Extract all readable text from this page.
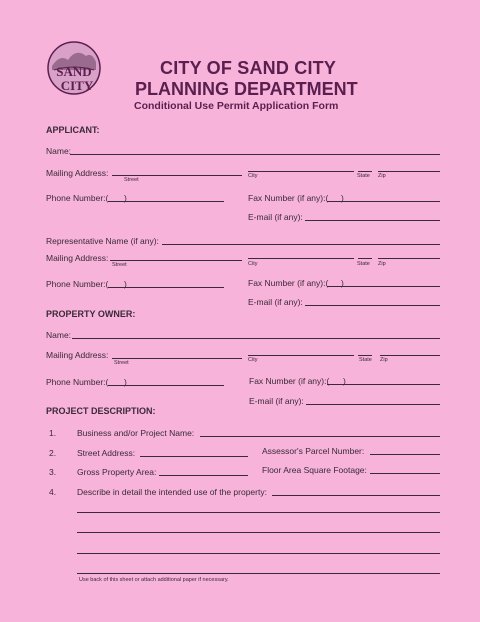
SAND
CITY
CITY OF SAND CITY
PLANNING DEPARTMENT
Conditional Use Permit Application Form
APPLICANT:
Name:
Mailing Address:
Street
City	State Zip
Phone Number:( )	Fax Number (if any):( )
E-mail (if any):
Representative Name (if any):
Mailing Address:
Street	City	State Zip
Phone Number:( )	Fax Number (if any):( )
E-mail (if any):
PROPERTY OWNER:
Name:
Mailing Address:
Street	City	State Zip
Phone Number:( )	Fax Number (if any):( )
E-mail (if any):
PROJECT DESCRIPTION:
1. Business and/or Project Name:
2. Street Address:	Assessor's Parcel Number:
3. Gross Property Area:	Floor Area Square Footage:
4. Describe in detail the intended use of the property:
Use back of this sheet or attach additional paper if necessary.
